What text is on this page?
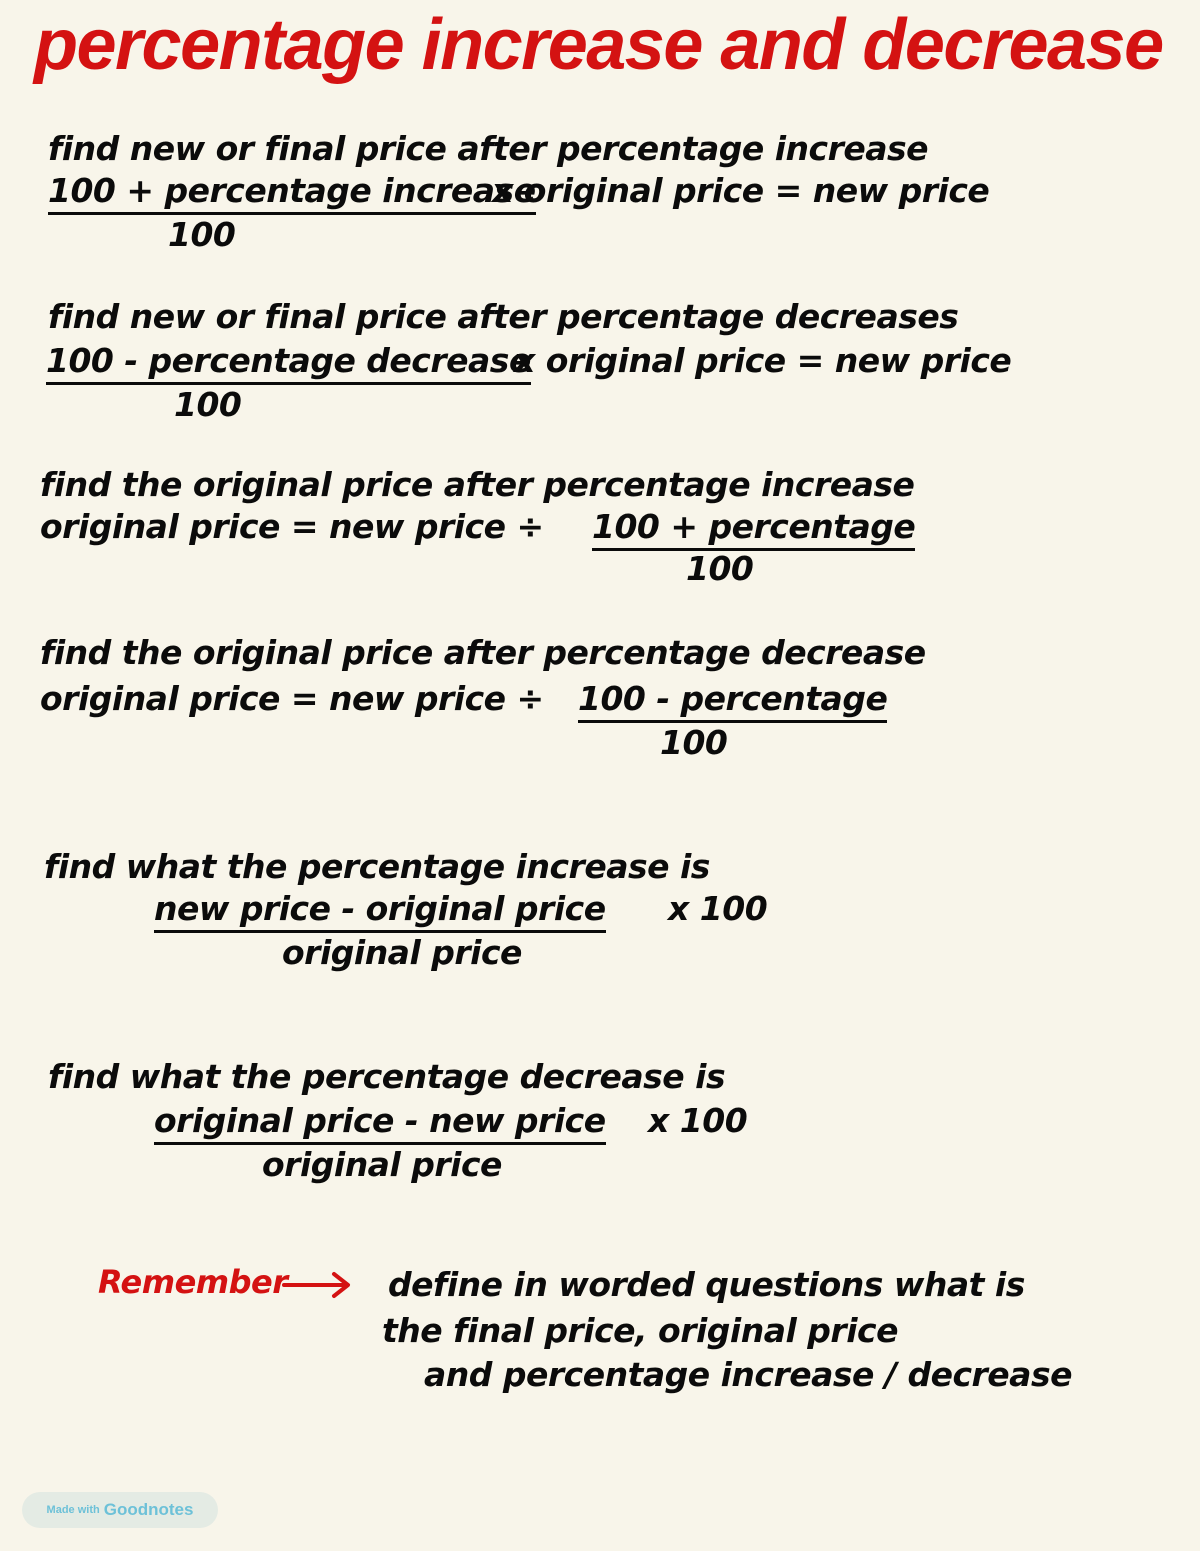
percentage increase and decrease
find new or final price after percentage increase
100 + percentage increase
x original price = new price
100
find new or final price after percentage decreases
100 - percentage decrease
x original price = new price
100
find the original price after percentage increase
original price = new price ÷ 100 + percentage
100
find the original price after percentage decrease
original price = new price ÷ 100 - percentage
100
find what the percentage increase is
new price - original price x 100
original price
find what the percentage decrease is
original price - new price x 100
original price
Remember	define in worded questions what is
the final price, original price
and percentage increase / decrease
Made with Goodnotes
